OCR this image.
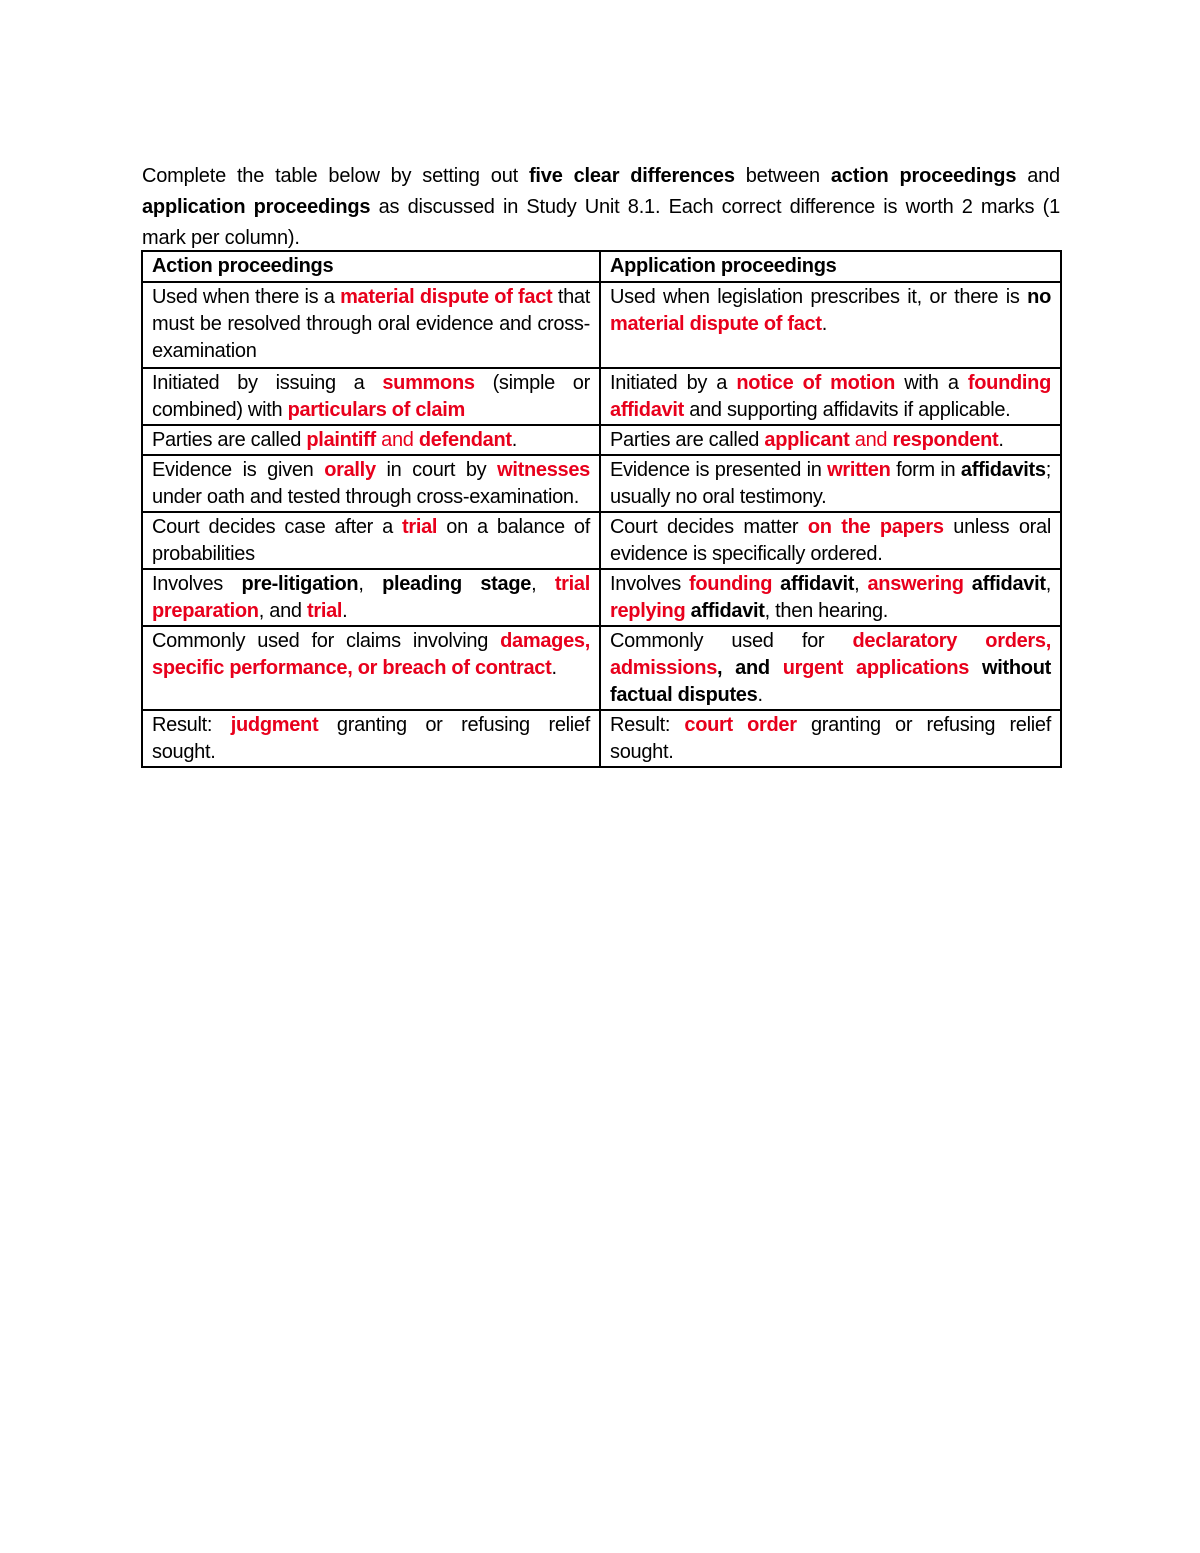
Complete the table below by setting out five clear differences between action proceedings and application proceedings as discussed in Study Unit 8.1. Each correct difference is worth 2 marks (1 mark per column).

Action proceedings	Application proceedings
Used when there is a material dispute of fact that must be resolved through oral evidence and cross-examination	Used when legislation prescribes it, or there is no material dispute of fact.
Initiated by issuing a summons (simple or combined) with particulars of claim	Initiated by a notice of motion with a founding affidavit and supporting affidavits if applicable.
Parties are called plaintiff and defendant.	Parties are called applicant and respondent.
Evidence is given orally in court by witnesses under oath and tested through cross-examination.	Evidence is presented in written form in affidavits; usually no oral testimony.
Court decides case after a trial on a balance of probabilities	Court decides matter on the papers unless oral evidence is specifically ordered.
Involves pre-litigation, pleading stage, trial preparation, and trial.	Involves founding affidavit, answering affidavit, replying affidavit, then hearing.
Commonly used for claims involving damages, specific performance, or breach of contract.	Commonly used for declaratory orders, admissions, and urgent applications without factual disputes.
Result: judgment granting or refusing relief sought.	Result: court order granting or refusing relief sought.
